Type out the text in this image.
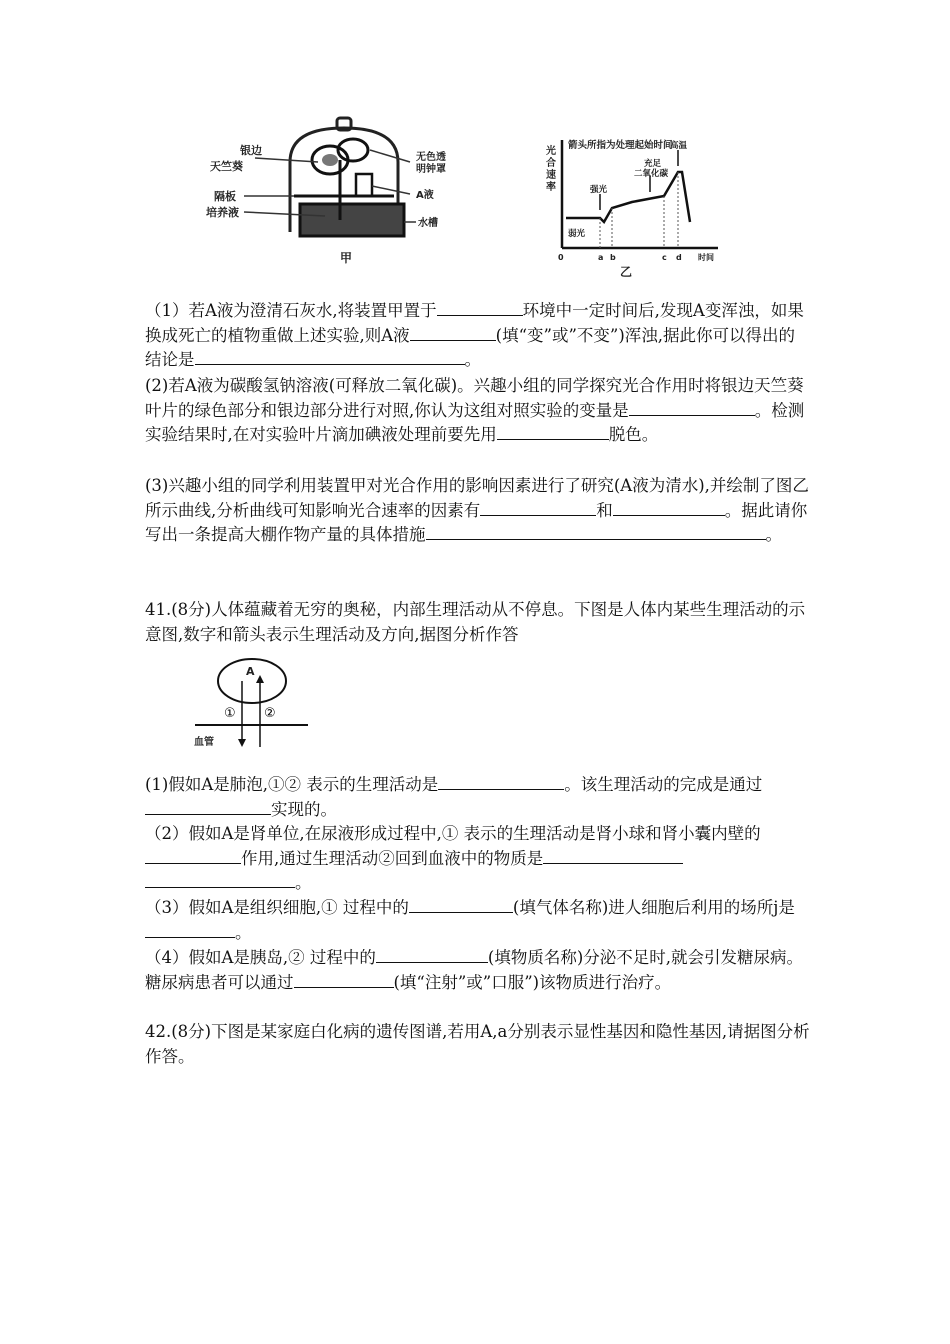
银边
天竺葵
隔板
培养液
无色透
明钟罩
A液
水槽
甲
光
合
速
率
箭头所指为处理起始时间
弱光
强光
充足
二氧化碳
高温
0	a b	c d 时间
乙
（1）若A液为澄清石灰水,将装置甲置于	环境中一定时间后,发现A变浑浊，如果换成死亡的植物重做上述实验,则A液	(填“变”或”不变”)浑浊,据此你可以得出的结论是	。
(2)若A液为碳酸氢钠溶液(可释放二氧化碳)。兴趣小组的同学探究光合作用时将银边天竺葵叶片的绿色部分和银边部分进行对照,你认为这组对照实验的变量是	。检测实验结果时,在对实验叶片滴加碘液处理前要先用	脱色。
(3)兴趣小组的同学利用装置甲对光合作用的影响因素进行了研究(A液为清水),并绘制了图乙所示曲线,分析曲线可知影响光合速率的因素有	和	。据此请你写出一条提高大棚作物产量的具体措施	。
41.(8分)人体蕴藏着无穷的奥秘，内部生理活动从不停息。下图是人体内某些生理活动的示意图,数字和箭头表示生理活动及方向,据图分析作答
A
① ②
血管
(1)假如A是肺泡,①② 表示的生理活动是	。该生理活动的完成是通过实现的。
（2）假如A是肾单位,在尿液形成过程中,① 表示的生理活动是肾小球和肾小囊内壁的作用,通过生理活动②回到血液中的物质是。
（3）假如A是组织细胞,① 过程中的	(填气体名称)进人细胞后利用的场所j是。
（4）假如A是胰岛,② 过程中的	(填物质名称)分泌不足时,就会引发糖尿病。糖尿病患者可以通过	(填“注射”或”口服”)该物质进行治疗。
42.(8分)下图是某家庭白化病的遗传图谱,若用A,a分别表示显性基因和隐性基因,请据图分析作答。
